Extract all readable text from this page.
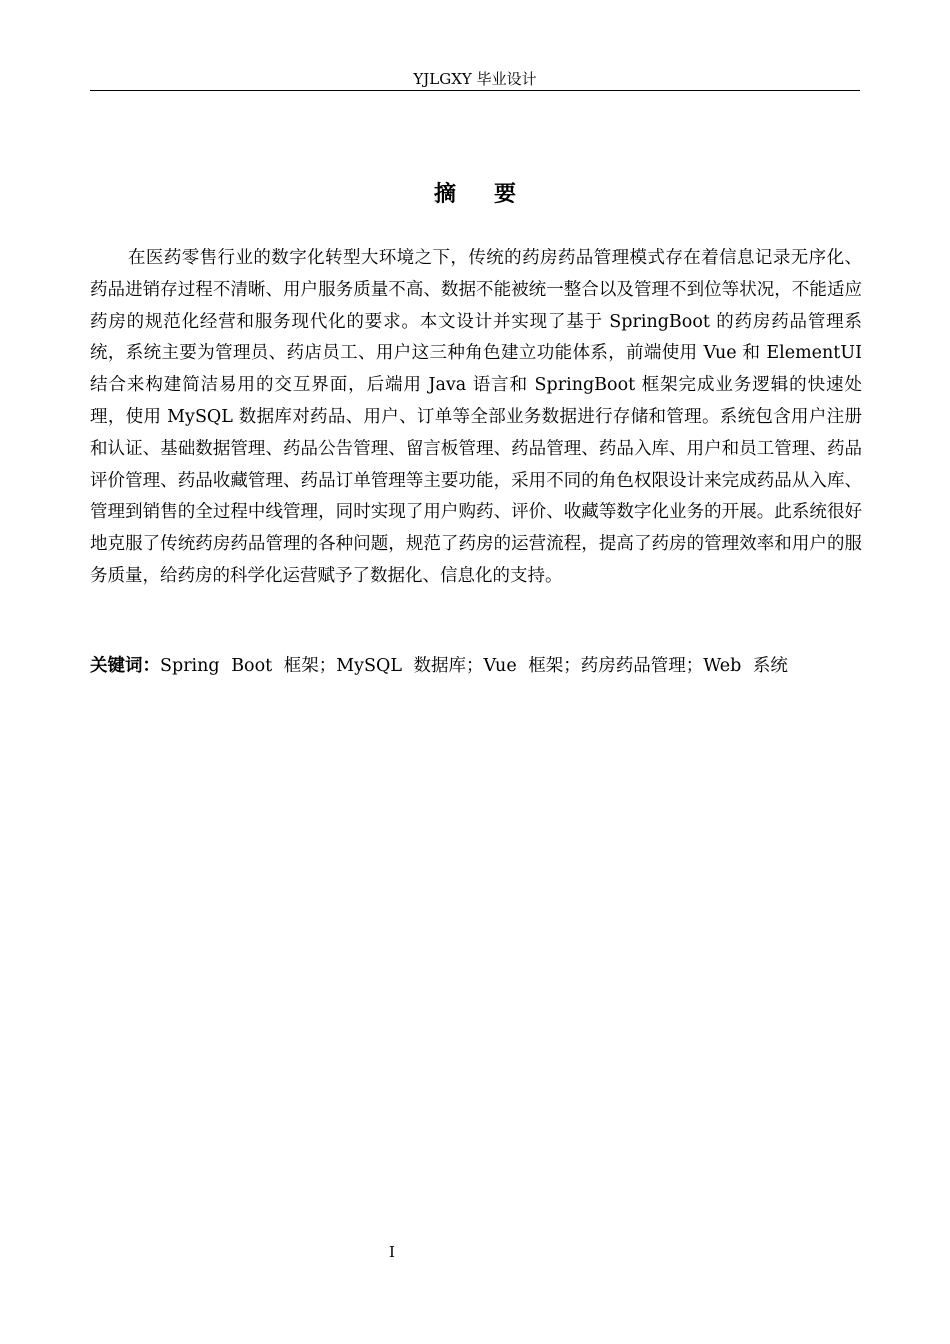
YJLGXY 毕业设计
摘要

在医药零售行业的数字化转型大环境之下，传统的药房药品管理模式存在着信息记录无序化、药品进销存过程不清晰、用户服务质量不高、数据不能被统一整合以及管理不到位等状况，不能适应药房的规范化经营和服务现代化的要求。本文设计并实现了基于 SpringBoot 的药房药品管理系统，系统主要为管理员、药店员工、用户这三种角色建立功能体系，前端使用 Vue 和 ElementUI 结合来构建简洁易用的交互界面，后端用 Java 语言和 SpringBoot 框架完成业务逻辑的快速处理，使用 MySQL 数据库对药品、用户、订单等全部业务数据进行存储和管理。系统包含用户注册和认证、基础数据管理、药品公告管理、留言板管理、药品管理、药品入库、用户和员工管理、药品评价管理、药品收藏管理、药品订单管理等主要功能，采用不同的角色权限设计来完成药品从入库、管理到销售的全过程中线管理，同时实现了用户购药、评价、收藏等数字化业务的开展。此系统很好地克服了传统药房药品管理的各种问题，规范了药房的运营流程，提高了药房的管理效率和用户的服务质量，给药房的科学化运营赋予了数据化、信息化的支持。

关键词：Spring Boot 框架；MySQL 数据库；Vue 框架；药房药品管理；Web 系统
I
